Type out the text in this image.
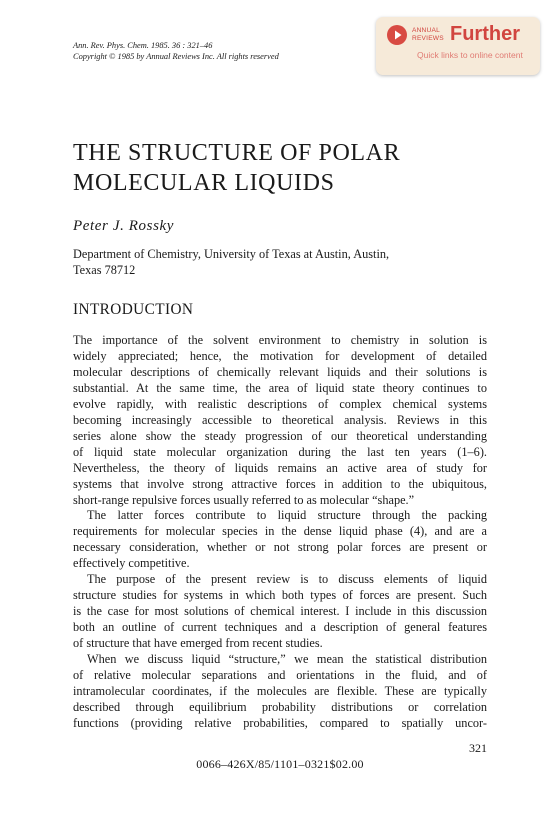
Ann. Rev. Phys. Chem. 1985. 36 : 321–46
Copyright © 1985 by Annual Reviews Inc. All rights reserved
ANNUAL
REVIEWS Further
Quick links to online content
THE STRUCTURE OF POLAR
MOLECULAR LIQUIDS
Peter J. Rossky
Department of Chemistry, University of Texas at Austin, Austin,
Texas 78712
INTRODUCTION

The importance of the solvent environment to chemistry in solution is
widely appreciated; hence, the motivation for development of detailed
molecular descriptions of chemically relevant liquids and their solutions is
substantial. At the same time, the area of liquid state theory continues to
evolve rapidly, with realistic descriptions of complex chemical systems
becoming increasingly accessible to theoretical analysis. Reviews in this
series alone show the steady progression of our theoretical understanding
of liquid state molecular organization during the last ten years (1–6).
Nevertheless, the theory of liquids remains an active area of study for
systems that involve strong attractive forces in addition to the ubiquitous,
short-range repulsive forces usually referred to as molecular “shape.”

The latter forces contribute to liquid structure through the packing
requirements for molecular species in the dense liquid phase (4), and are a
necessary consideration, whether or not strong polar forces are present or
effectively competitive.

The purpose of the present review is to discuss elements of liquid
structure studies for systems in which both types of forces are present. Such
is the case for most solutions of chemical interest. I include in this discussion
both an outline of current techniques and a description of general features
of structure that have emerged from recent studies.

When we discuss liquid “structure,” we mean the statistical distribution
of relative molecular separations and orientations in the fluid, and of
intramolecular coordinates, if the molecules are flexible. These are typically
described through equilibrium probability distributions or correlation
functions (providing relative probabilities, compared to spatially uncor-

321
0066–426X/85/1101–0321$02.00
